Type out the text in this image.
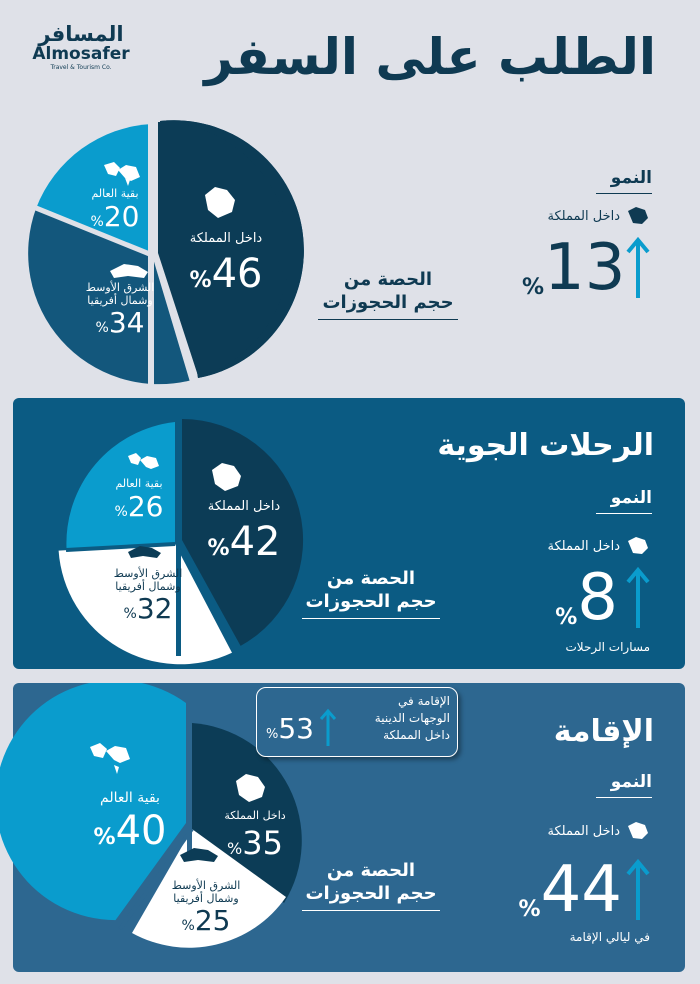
المسافر
Almosafer
Travel & Tourism Co.	الطلب على السفر
داخل المملكة
%46
بقية العالم
%20
الشرق الأوسط
وشمال أفريقيا
%34
الحصة من
حجم الحجوزات
النمو
داخل المملكة
%13
الرحلات الجوية
داخل المملكة
%42
بقية العالم
%26
الشرق الأوسط
وشمال أفريقيا
%32
الحصة من
حجم الحجوزات
النمو
داخل المملكة
%8
مسارات الرحلات
الإقامة
داخل المملكة
%35
بقية العالم
%40
الشرق الأوسط
وشمال أفريقيا
%25
%53
الإقامة في
الوجهات الدينية
داخل المملكة
الحصة من
حجم الحجوزات
النمو
داخل المملكة
%44
في ليالي الإقامة
